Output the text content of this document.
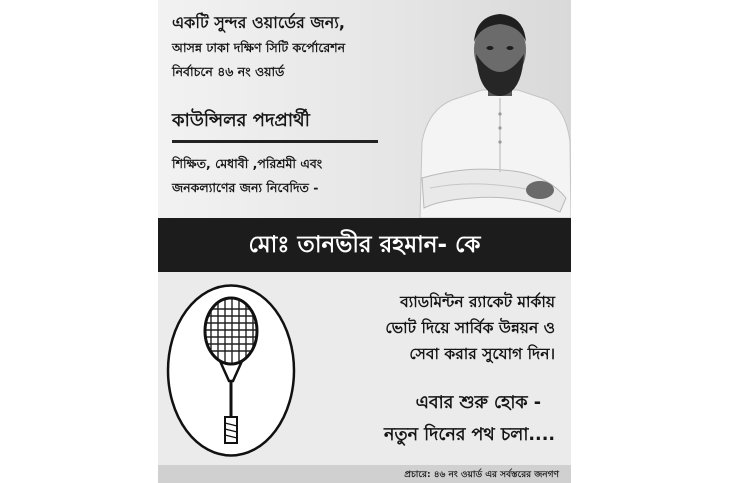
একটি সুন্দর ওয়ার্ডের জন্য,
আসন্ন ঢাকা দক্ষিণ সিটি কর্পোরেশন
নির্বাচনে ৪৬ নং ওয়ার্ড
কাউন্সিলর পদপ্রার্থী
শিক্ষিত, মেধাবী ,পরিশ্রমী এবং
জনকল্যাণের জন্য নিবেদিত -
মোঃ তানভীর রহমান- কে
ব্যাডমিন্টন র‍্যাকেট মার্কায়
ভোট দিয়ে সার্বিক উন্নয়ন ও
সেবা করার সুযোগ দিন।
এবার শুরু হোক -
নতুন দিনের পথ চলা....
প্রচারে: ৪৬ নং ওয়ার্ড এর সর্বস্তরের জনগণ
